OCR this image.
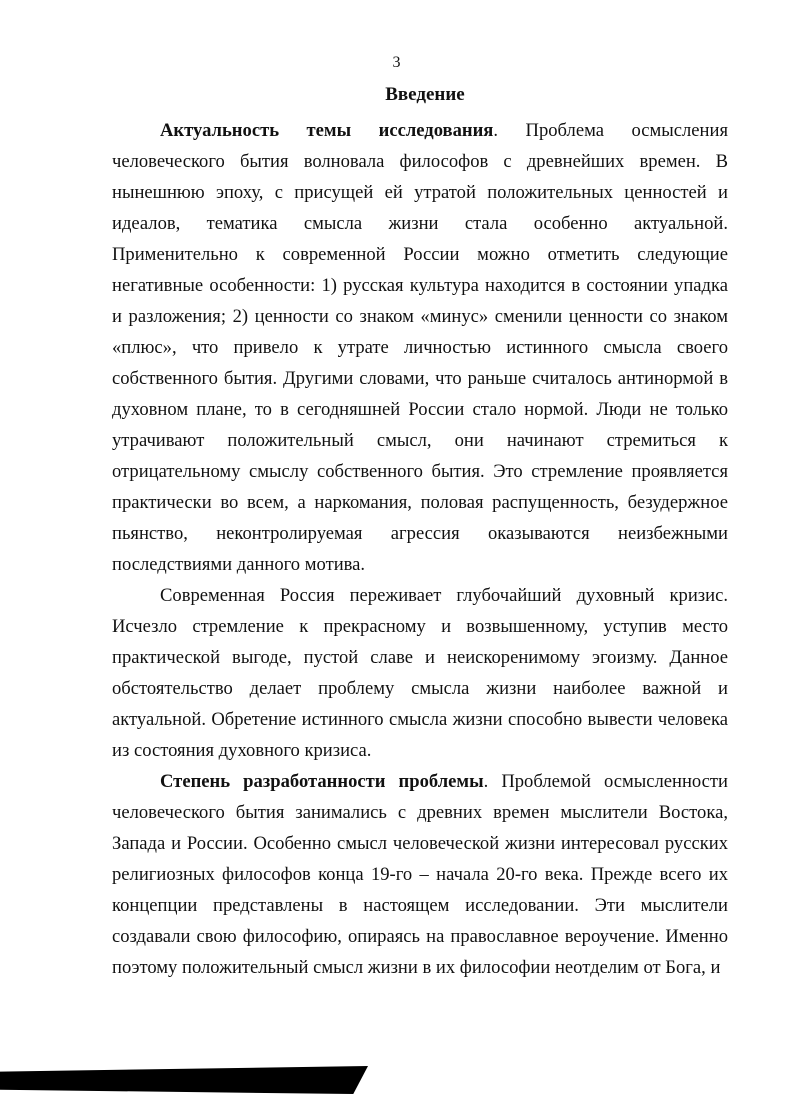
3
Введение

Актуальность темы исследования. Проблема осмысления человеческого бытия волновала философов с древнейших времен. В нынешнюю эпоху, с присущей ей утратой положительных ценностей и идеалов, тематика смысла жизни стала особенно актуальной. Применительно к современной России можно отметить следующие негативные особенности: 1) русская культура находится в состоянии упадка и разложения; 2) ценности со знаком «минус» сменили ценности со знаком «плюс», что привело к утрате личностью истинного смысла своего собственного бытия. Другими словами, что раньше считалось антинормой в духовном плане, то в сегодняшней России стало нормой. Люди не только утрачивают положительный смысл, они начинают стремиться к отрицательному смыслу собственного бытия. Это стремление проявляется практически во всем, а наркомания, половая распущенность, безудержное пьянство, неконтролируемая агрессия оказываются неизбежными последствиями данного мотива.

Современная Россия переживает глубочайший духовный кризис. Исчезло стремление к прекрасному и возвышенному, уступив место практической выгоде, пустой славе и неискоренимому эгоизму. Данное обстоятельство делает проблему смысла жизни наиболее важной и актуальной. Обретение истинного смысла жизни способно вывести человека из состояния духовного кризиса.

Степень разработанности проблемы. Проблемой осмысленности человеческого бытия занимались с древних времен мыслители Востока, Запада и России. Особенно смысл человеческой жизни интересовал русских религиозных философов конца 19-го – начала 20-го века. Прежде всего их концепции представлены в настоящем исследовании. Эти мыслители создавали свою философию, опираясь на православное вероучение. Именно поэтому положительный смысл жизни в их философии неотделим от Бога, и
